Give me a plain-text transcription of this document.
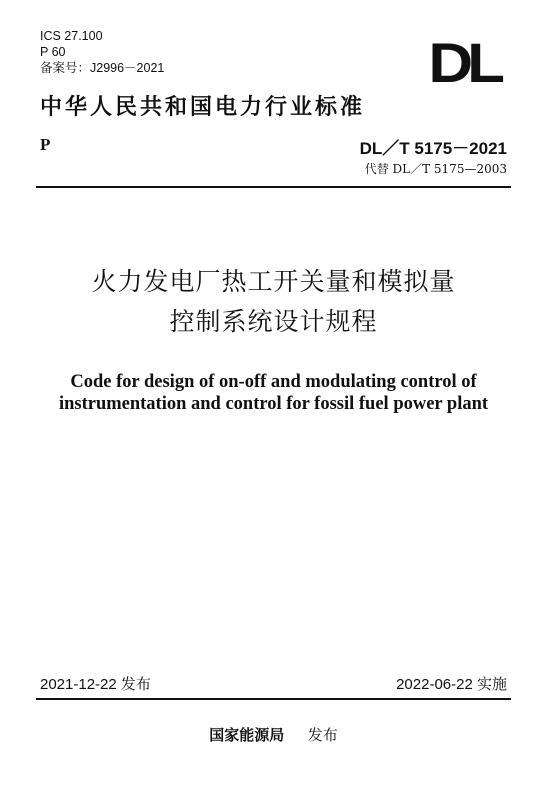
ICS 27.100
P 60
备案号：J2996－2021	DL
中华人民共和国电力行业标准
P	DL／T 5175－2021
代替 DL／T 5175—2003
火力发电厂热工开关量和模拟量
控制系统设计规程
Code for design of on-off and modulating control of
instrumentation and control for fossil fuel power plant
2021-12-22 发布	2022-06-22 实施
国家能源局 发布
